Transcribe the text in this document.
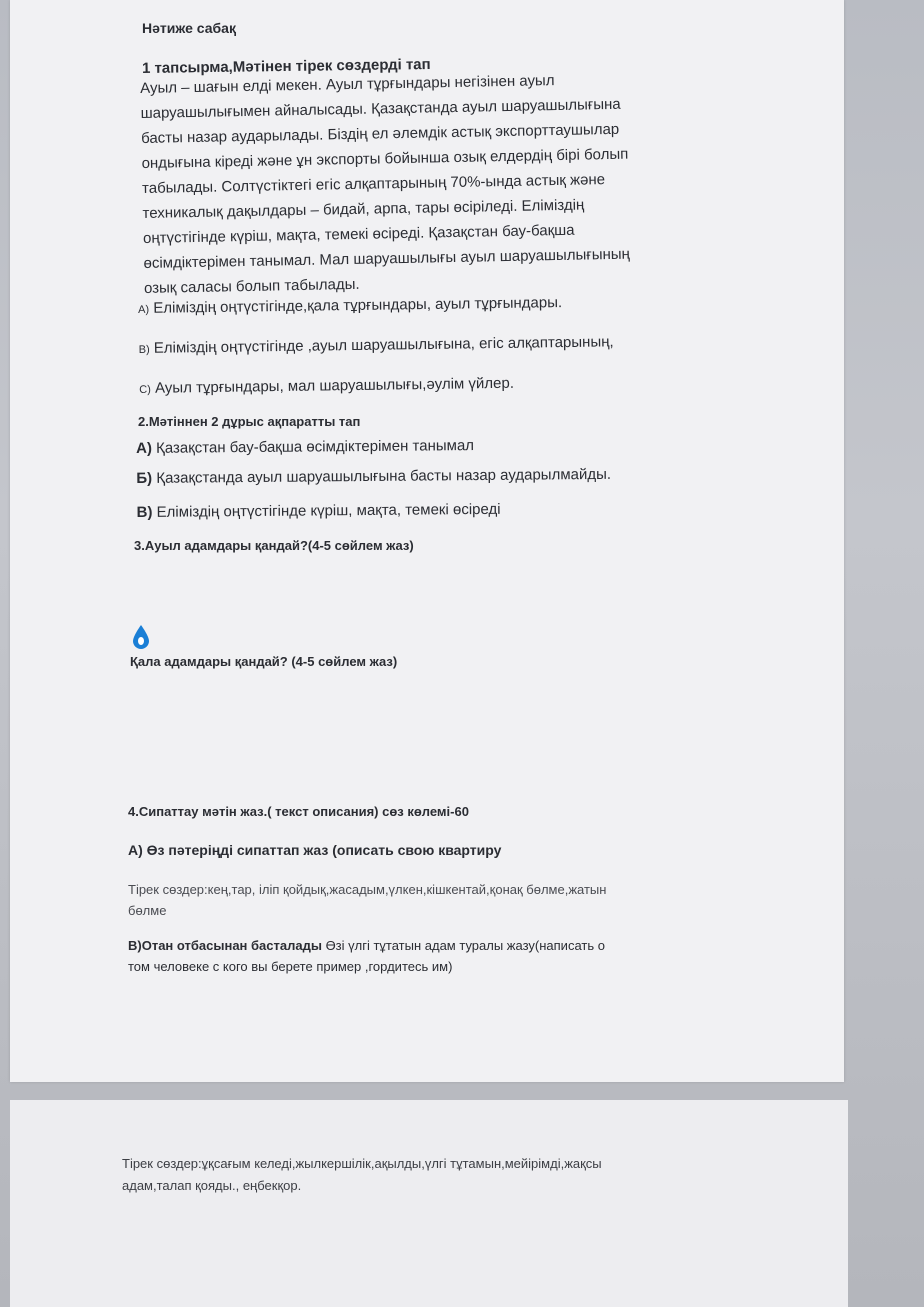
Нәтиже сабақ
1 тапсырма,Мәтінен тірек сөздерді тап
Ауыл – шағын елді мекен. Ауыл тұрғындары негізінен ауыл
шаруашылығымен айналысады. Қазақстанда ауыл шаруашылығына
басты назар аударылады. Біздің ел әлемдік астық экспорттаушылар
ондығына кіреді және ұн экспорты бойынша озық елдердің бірі болып
табылады. Солтүстіктегі егіс алқаптарының 70%-ында астық және
техникалық дақылдары – бидай, арпа, тары өсіріледі. Еліміздің
оңтүстігінде күріш, мақта, темекі өсіреді. Қазақстан бау-бақша
өсімдіктерімен танымал. Мал шаруашылығы ауыл шаруашылығының
озық саласы болып табылады.
A) Еліміздің оңтүстігінде,қала тұрғындары, ауыл тұрғындары.
B) Еліміздің оңтүстігінде ,ауыл шаруашылығына, егіс алқаптарының,
C) Ауыл тұрғындары, мал шаруашылығы,әулім үйлер.
2.Мәтіннен 2 дұрыс ақпаратты тап
А) Қазақстан бау-бақша өсімдіктерімен танымал
Б) Қазақстанда ауыл шаруашылығына басты назар аударылмайды.
В) Еліміздің оңтүстігінде күріш, мақта, темекі өсіреді
3.Ауыл адамдары қандай?(4-5 сөйлем жаз)
Қала адамдары қандай? (4-5 сөйлем жаз)
4.Сипаттау мәтін жаз.( текст описания) сөз көлемі-60
А) Өз пәтеріңді сипаттап жаз (описать свою квартиру
Тірек сөздер:кең,тар, іліп қойдық,жасадым,үлкен,кішкентай,қонақ бөлме,жатын
бөлме
В)Отан отбасынан басталады Өзі үлгі тұтатын адам туралы жазу(написать о
том человеке с кого вы берете пример ,гордитесь им)
Тірек сөздер:ұқсағым келеді,жылкершілік,ақылды,үлгі тұтамын,мейірімді,жақсы
адам,талап қояды., еңбекқор.
